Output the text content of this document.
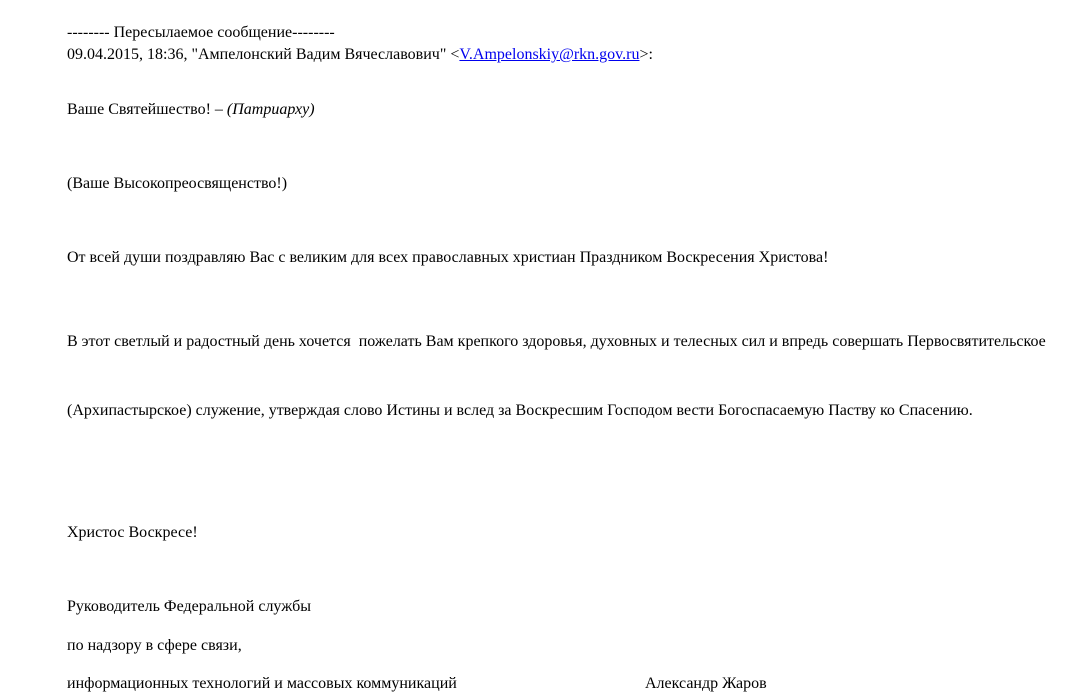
-------- Пересылаемое сообщение--------
09.04.2015, 18:36, "Ампелонский Вадим Вячеславович" <V.Ampelonskiy@rkn.gov.ru>:
Ваше Святейшество! – (Патриарху)
(Ваше Высокопреосвященство!)
От всей души поздравляю Вас с великим для всех православных христиан Праздником Воскресения Христова!

В этот светлый и радостный день хочется  пожелать Вам крепкого здоровья, духовных и телесных сил и впредь совершать Первосвятительское

(Архипастырское) служение, утверждая слово Истины и вслед за Воскресшим Господом вести Богоспасаемую Паству ко Спасению.

Христос Воскресе!
Руководитель Федеральной службы
по надзору в сфере связи,
информационных технологий и массовых коммуникаций	Александр Жаров
